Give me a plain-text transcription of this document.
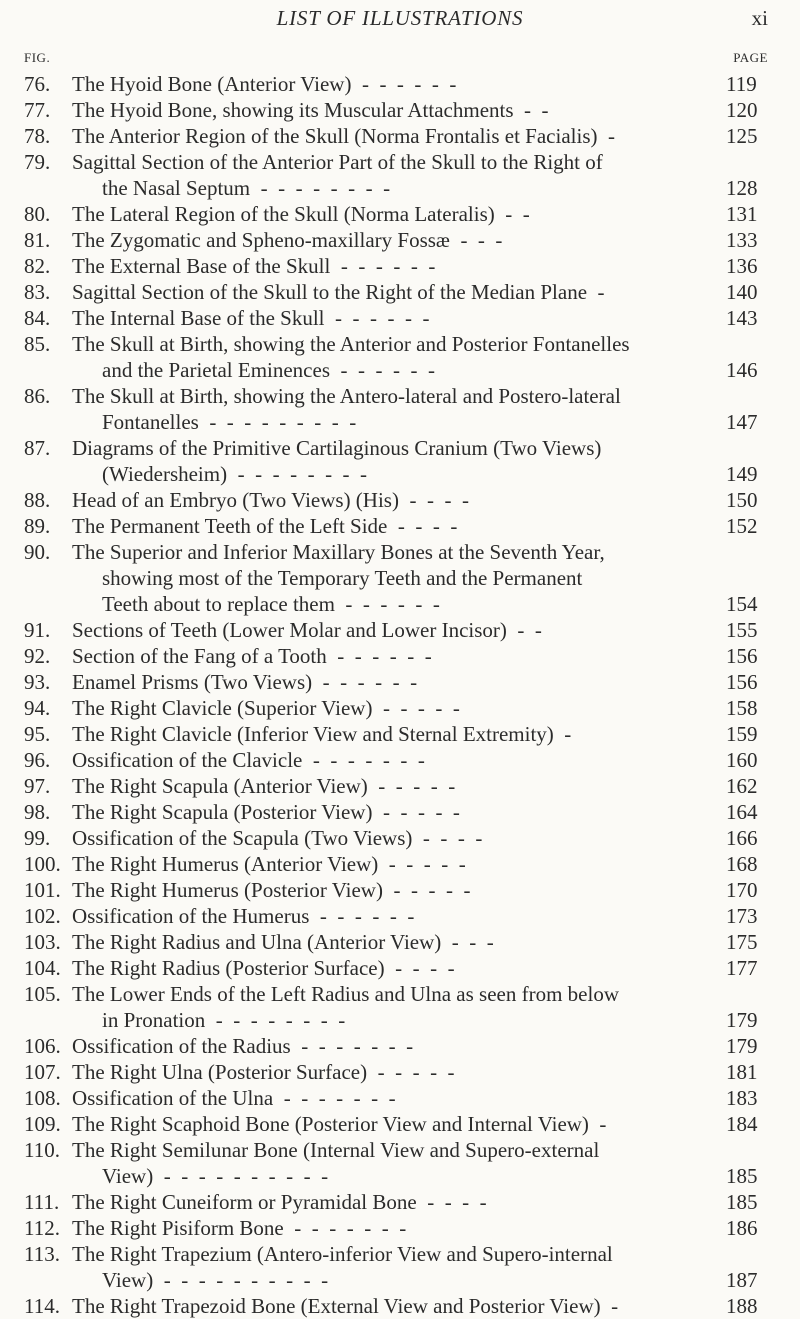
LIST OF ILLUSTRATIONS	xi
FIG.	PAGE
76.	The Hyoid Bone (Anterior View)  -  -  -  -  -  -	119
77.	The Hyoid Bone, showing its Muscular Attachments  -  -	120
78.	The Anterior Region of the Skull (Norma Frontalis et Facialis)  -	125
79.	Sagittal Section of the Anterior Part of the Skull to the Right of
the Nasal Septum  -  -  -  -  -  -  -  -	128
80.	The Lateral Region of the Skull (Norma Lateralis)  -  -	131
81.	The Zygomatic and Spheno-maxillary Fossæ  -  -  -	133
82.	The External Base of the Skull  -  -  -  -  -  -	136
83.	Sagittal Section of the Skull to the Right of the Median Plane  -	140
84.	The Internal Base of the Skull  -  -  -  -  -  -	143
85.	The Skull at Birth, showing the Anterior and Posterior Fontanelles
and the Parietal Eminences  -  -  -  -  -  -	146
86.	The Skull at Birth, showing the Antero-lateral and Postero-lateral
Fontanelles  -  -  -  -  -  -  -  -  -	147
87.	Diagrams of the Primitive Cartilaginous Cranium (Two Views)
(Wiedersheim)  -  -  -  -  -  -  -  -	149
88.	Head of an Embryo (Two Views) (His)  -  -  -  -	150
89.	The Permanent Teeth of the Left Side  -  -  -  -	152
90.	The Superior and Inferior Maxillary Bones at the Seventh Year,
showing most of the Temporary Teeth and the Permanent
Teeth about to replace them  -  -  -  -  -  -	154
91.	Sections of Teeth (Lower Molar and Lower Incisor)  -  -	155
92.	Section of the Fang of a Tooth  -  -  -  -  -  -	156
93.	Enamel Prisms (Two Views)  -  -  -  -  -  -	156
94.	The Right Clavicle (Superior View)  -  -  -  -  -	158
95.	The Right Clavicle (Inferior View and Sternal Extremity)  -	159
96.	Ossification of the Clavicle  -  -  -  -  -  -  -	160
97.	The Right Scapula (Anterior View)  -  -  -  -  -	162
98.	The Right Scapula (Posterior View)  -  -  -  -  -	164
99.	Ossification of the Scapula (Two Views)  -  -  -  -	166
100. The Right Humerus (Anterior View)  -  -  -  -  -	168
101. The Right Humerus (Posterior View)  -  -  -  -  -	170
102. Ossification of the Humerus  -  -  -  -  -  -	173
103. The Right Radius and Ulna (Anterior View)  -  -  -	175
104. The Right Radius (Posterior Surface)  -  -  -  -	177
105. The Lower Ends of the Left Radius and Ulna as seen from below
in Pronation  -  -  -  -  -  -  -  -	179
106. Ossification of the Radius  -  -  -  -  -  -  -	179
107. The Right Ulna (Posterior Surface)  -  -  -  -  -	181
108. Ossification of the Ulna  -  -  -  -  -  -  -	183
109. The Right Scaphoid Bone (Posterior View and Internal View)  -	184
110. The Right Semilunar Bone (Internal View and Supero-external
View)  -  -  -  -  -  -  -  -  -  -	185
111. The Right Cuneiform or Pyramidal Bone  -  -  -  -	185
112. The Right Pisiform Bone  -  -  -  -  -  -  -	186
113. The Right Trapezium (Antero-inferior View and Supero-internal
View)  -  -  -  -  -  -  -  -  -  -	187
114. The Right Trapezoid Bone (External View and Posterior View)  -	188
